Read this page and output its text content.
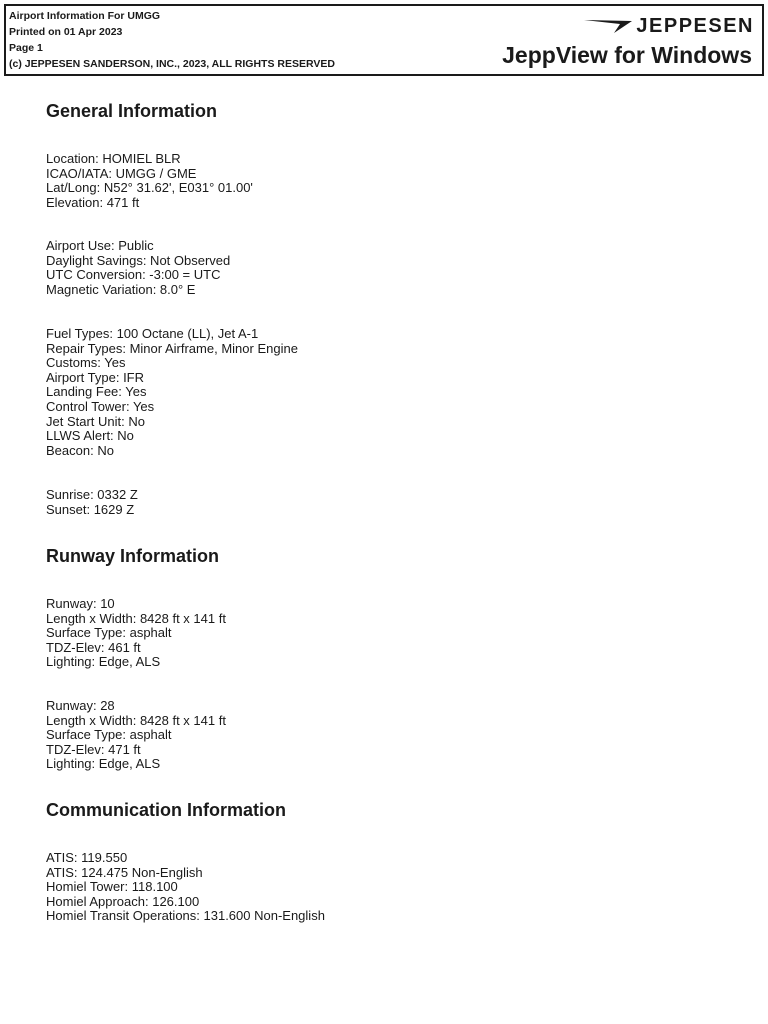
Airport Information For UMGG
Printed on 01 Apr 2023
Page 1
(c) JEPPESEN SANDERSON, INC., 2023, ALL RIGHTS RESERVED
JEPPESEN
JeppView for Windows
General Information
Location: HOMIEL BLR
ICAO/IATA: UMGG / GME
Lat/Long: N52° 31.62', E031° 01.00'
Elevation: 471 ft
Airport Use: Public
Daylight Savings: Not Observed
UTC Conversion: -3:00 = UTC
Magnetic Variation: 8.0° E
Fuel Types: 100 Octane (LL), Jet A-1
Repair Types: Minor Airframe, Minor Engine
Customs: Yes
Airport Type: IFR
Landing Fee: Yes
Control Tower: Yes
Jet Start Unit: No
LLWS Alert: No
Beacon: No
Sunrise: 0332 Z
Sunset: 1629 Z
Runway Information
Runway: 10
Length x Width: 8428 ft x 141 ft
Surface Type: asphalt
TDZ-Elev: 461 ft
Lighting: Edge, ALS
Runway: 28
Length x Width: 8428 ft x 141 ft
Surface Type: asphalt
TDZ-Elev: 471 ft
Lighting: Edge, ALS
Communication Information
ATIS: 119.550
ATIS: 124.475 Non-English
Homiel Tower: 118.100
Homiel Approach: 126.100
Homiel Transit Operations: 131.600 Non-English
